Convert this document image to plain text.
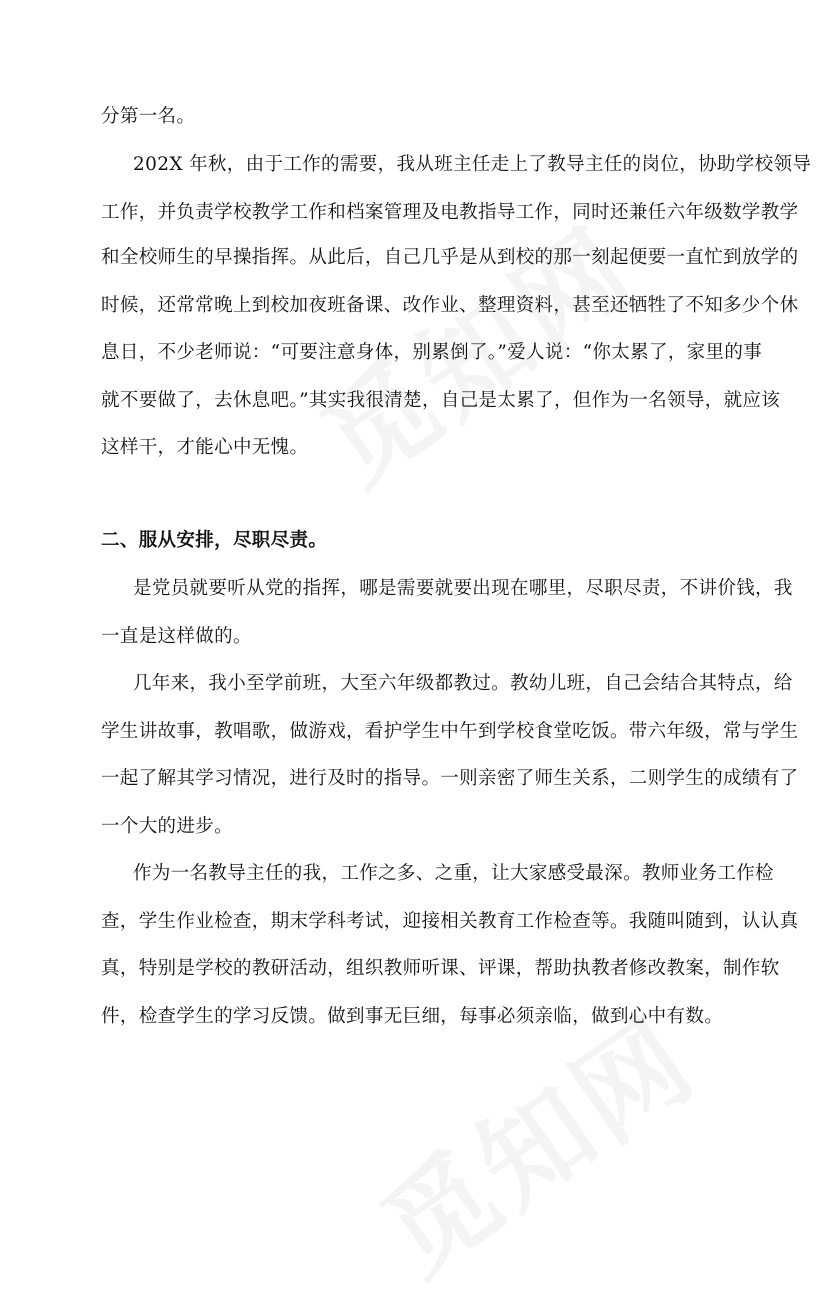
分第一名。
202X 年秋，由于工作的需要，我从班主任走上了教导主任的岗位，协助学校领导
工作，并负责学校教学工作和档案管理及电教指导工作，同时还兼任六年级数学教学
和全校师生的早操指挥。从此后，自己几乎是从到校的那一刻起便要一直忙到放学的
时候，还常常晚上到校加夜班备课、改作业、整理资料，甚至还牺牲了不知多少个休
息日，不少老师说：“可要注意身体，别累倒了。”爱人说：“你太累了，家里的事
就不要做了，去休息吧。”其实我很清楚，自己是太累了，但作为一名领导，就应该
这样干，才能心中无愧。
二、服从安排，尽职尽责。
是党员就要听从党的指挥，哪是需要就要出现在哪里，尽职尽责，不讲价钱，我
一直是这样做的。
几年来，我小至学前班，大至六年级都教过。教幼儿班，自己会结合其特点，给
学生讲故事，教唱歌，做游戏，看护学生中午到学校食堂吃饭。带六年级，常与学生
一起了解其学习情况，进行及时的指导。一则亲密了师生关系，二则学生的成绩有了
一个大的进步。
作为一名教导主任的我，工作之多、之重，让大家感受最深。教师业务工作检
查，学生作业检查，期末学科考试，迎接相关教育工作检查等。我随叫随到，认认真
真，特别是学校的教研活动，组织教师听课、评课，帮助执教者修改教案，制作软
件，检查学生的学习反馈。做到事无巨细，每事必须亲临，做到心中有数。
